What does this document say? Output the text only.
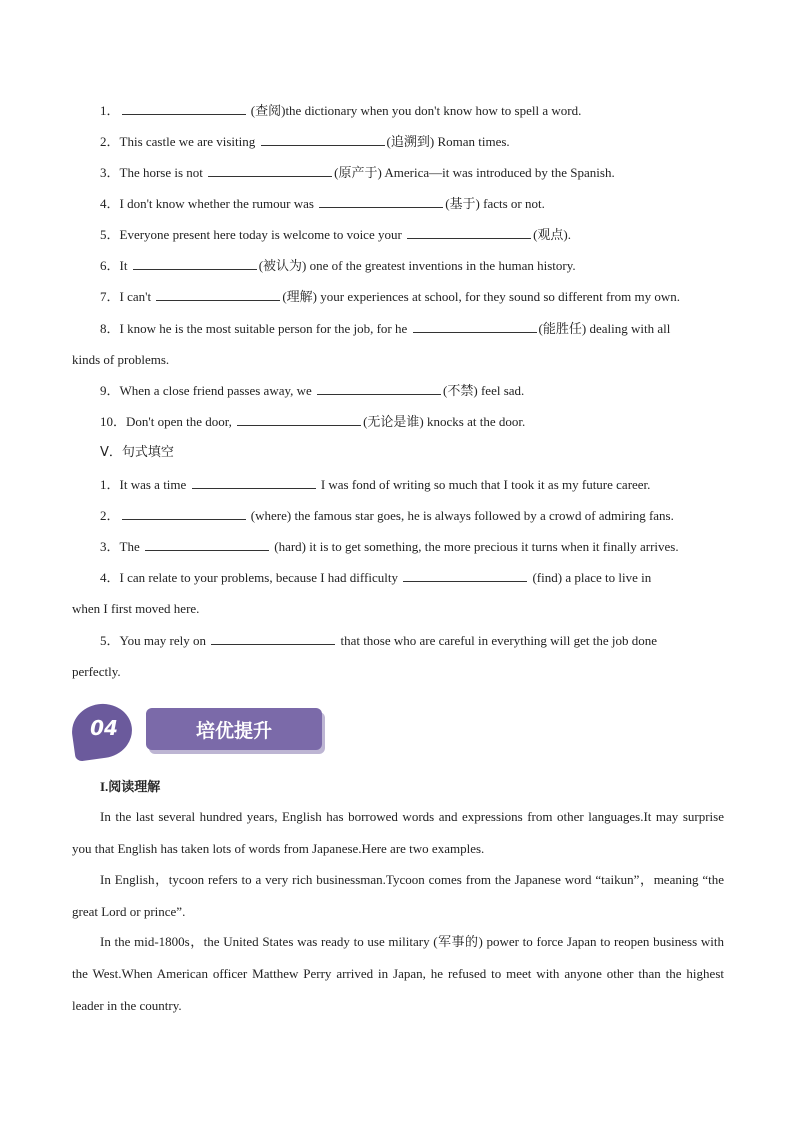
1．	(查阅)the dictionary when you don't know how to spell a word.
2．This castle we are visiting	(追溯到) Roman times.
3．The horse is not	(原产于) America—it was introduced by the Spanish.
4．I don't know whether the rumour was	(基于) facts or not.
5．Everyone present here today is welcome to voice your	(观点).
6．It	(被认为) one of the greatest inventions in the human history.
7．I can't	(理解) your experiences at school, for they sound so different from my own.
8．I know he is the most suitable person for the job, for he	(能胜任) dealing with all
kinds of problems.
9．When a close friend passes away, we	(不禁) feel sad.
10．Don't open the door,	(无论是谁) knocks at the door.
Ⅴ．句式填空
1．It was a time	I was fond of writing so much that I took it as my future career.
2．	(where) the famous star goes, he is always followed by a crowd of admiring fans.
3．The	(hard) it is to get something, the more precious it turns when it finally arrives.
4．I can relate to your problems, because I had difficulty	(find) a place to live in
when I first moved here.
5．You may rely on	that those who are careful in everything will get the job done
perfectly.
04	培优提升
I.阅读理解
In the last several hundred years, English has borrowed words and expressions from other languages.It may surprise you that English has taken lots of words from Japanese.Here are two examples.
In English，tycoon refers to a very rich businessman.Tycoon comes from the Japanese word “taikun”，meaning “the great Lord or prince”.
In the mid-1800s，the United States was ready to use military (军事的) power to force Japan to reopen business with the West.When American officer Matthew Perry arrived in Japan, he refused to meet with anyone other than the highest leader in the country.
